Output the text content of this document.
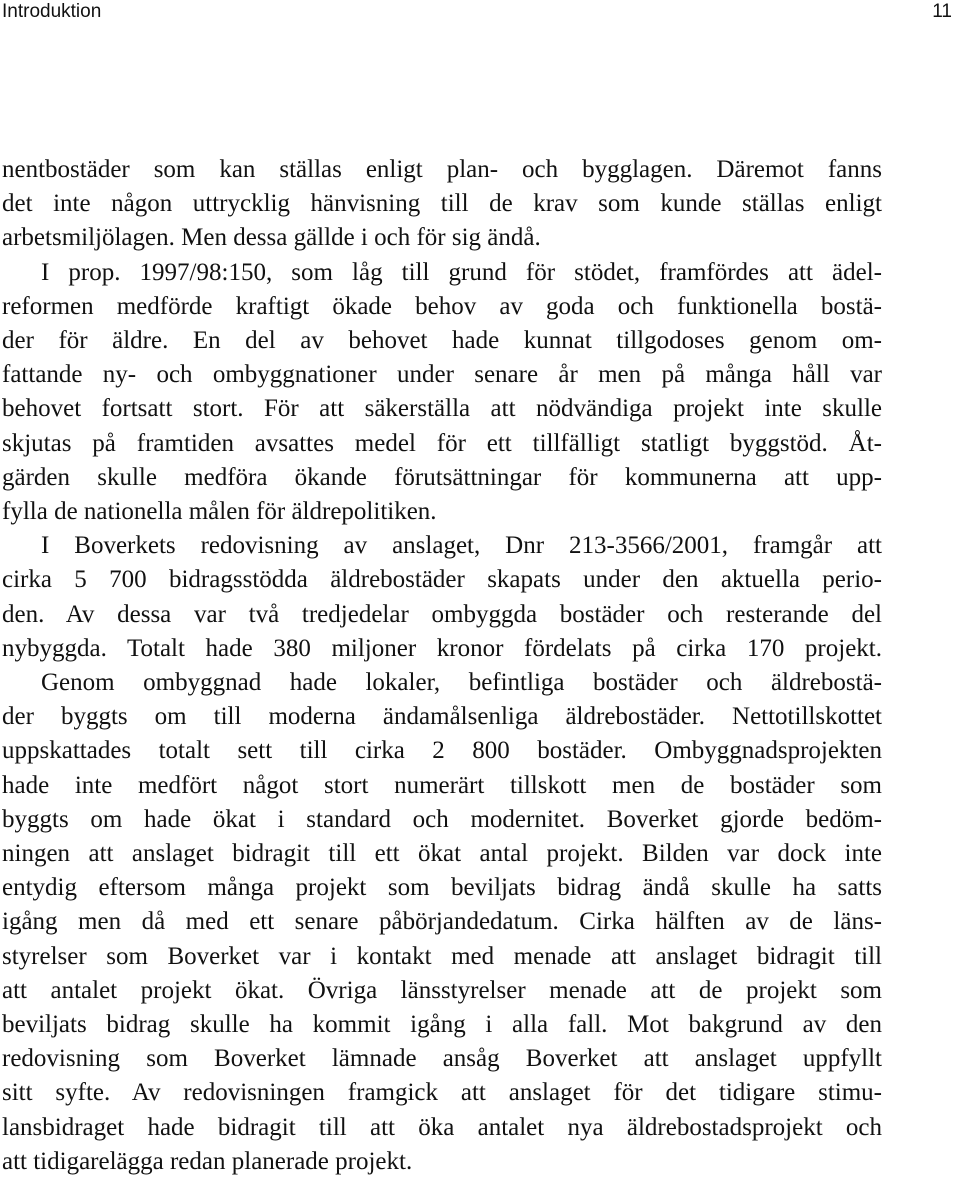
Introduktion	11
nentbostäder som kan ställas enligt plan- och bygglagen. Däremot fanns
det inte någon uttrycklig hänvisning till de krav som kunde ställas enligt
arbetsmiljölagen. Men dessa gällde i och för sig ändå.
I prop. 1997/98:150, som låg till grund för stödet, framfördes att ädel-
reformen medförde kraftigt ökade behov av goda och funktionella bostä-
der för äldre. En del av behovet hade kunnat tillgodoses genom om-
fattande ny- och ombyggnationer under senare år men på många håll var
behovet fortsatt stort. För att säkerställa att nödvändiga projekt inte skulle
skjutas på framtiden avsattes medel för ett tillfälligt statligt byggstöd. Åt-
gärden skulle medföra ökande förutsättningar för kommunerna att upp-
fylla de nationella målen för äldrepolitiken.
I Boverkets redovisning av anslaget, Dnr 213-3566/2001, framgår att
cirka 5 700 bidragsstödda äldrebostäder skapats under den aktuella perio-
den. Av dessa var två tredjedelar ombyggda bostäder och resterande del
nybyggda. Totalt hade 380 miljoner kronor fördelats på cirka 170 projekt.
Genom ombyggnad hade lokaler, befintliga bostäder och äldrebostä-
der byggts om till moderna ändamålsenliga äldrebostäder. Nettotillskottet
uppskattades totalt sett till cirka 2 800 bostäder. Ombyggnadsprojekten
hade inte medfört något stort numerärt tillskott men de bostäder som
byggts om hade ökat i standard och modernitet. Boverket gjorde bedöm-
ningen att anslaget bidragit till ett ökat antal projekt. Bilden var dock inte
entydig eftersom många projekt som beviljats bidrag ändå skulle ha satts
igång men då med ett senare påbörjandedatum. Cirka hälften av de läns-
styrelser som Boverket var i kontakt med menade att anslaget bidragit till
att antalet projekt ökat. Övriga länsstyrelser menade att de projekt som
beviljats bidrag skulle ha kommit igång i alla fall. Mot bakgrund av den
redovisning som Boverket lämnade ansåg Boverket att anslaget uppfyllt
sitt syfte. Av redovisningen framgick att anslaget för det tidigare stimu-
lansbidraget hade bidragit till att öka antalet nya äldrebostadsprojekt och
att tidigarelägga redan planerade projekt.
